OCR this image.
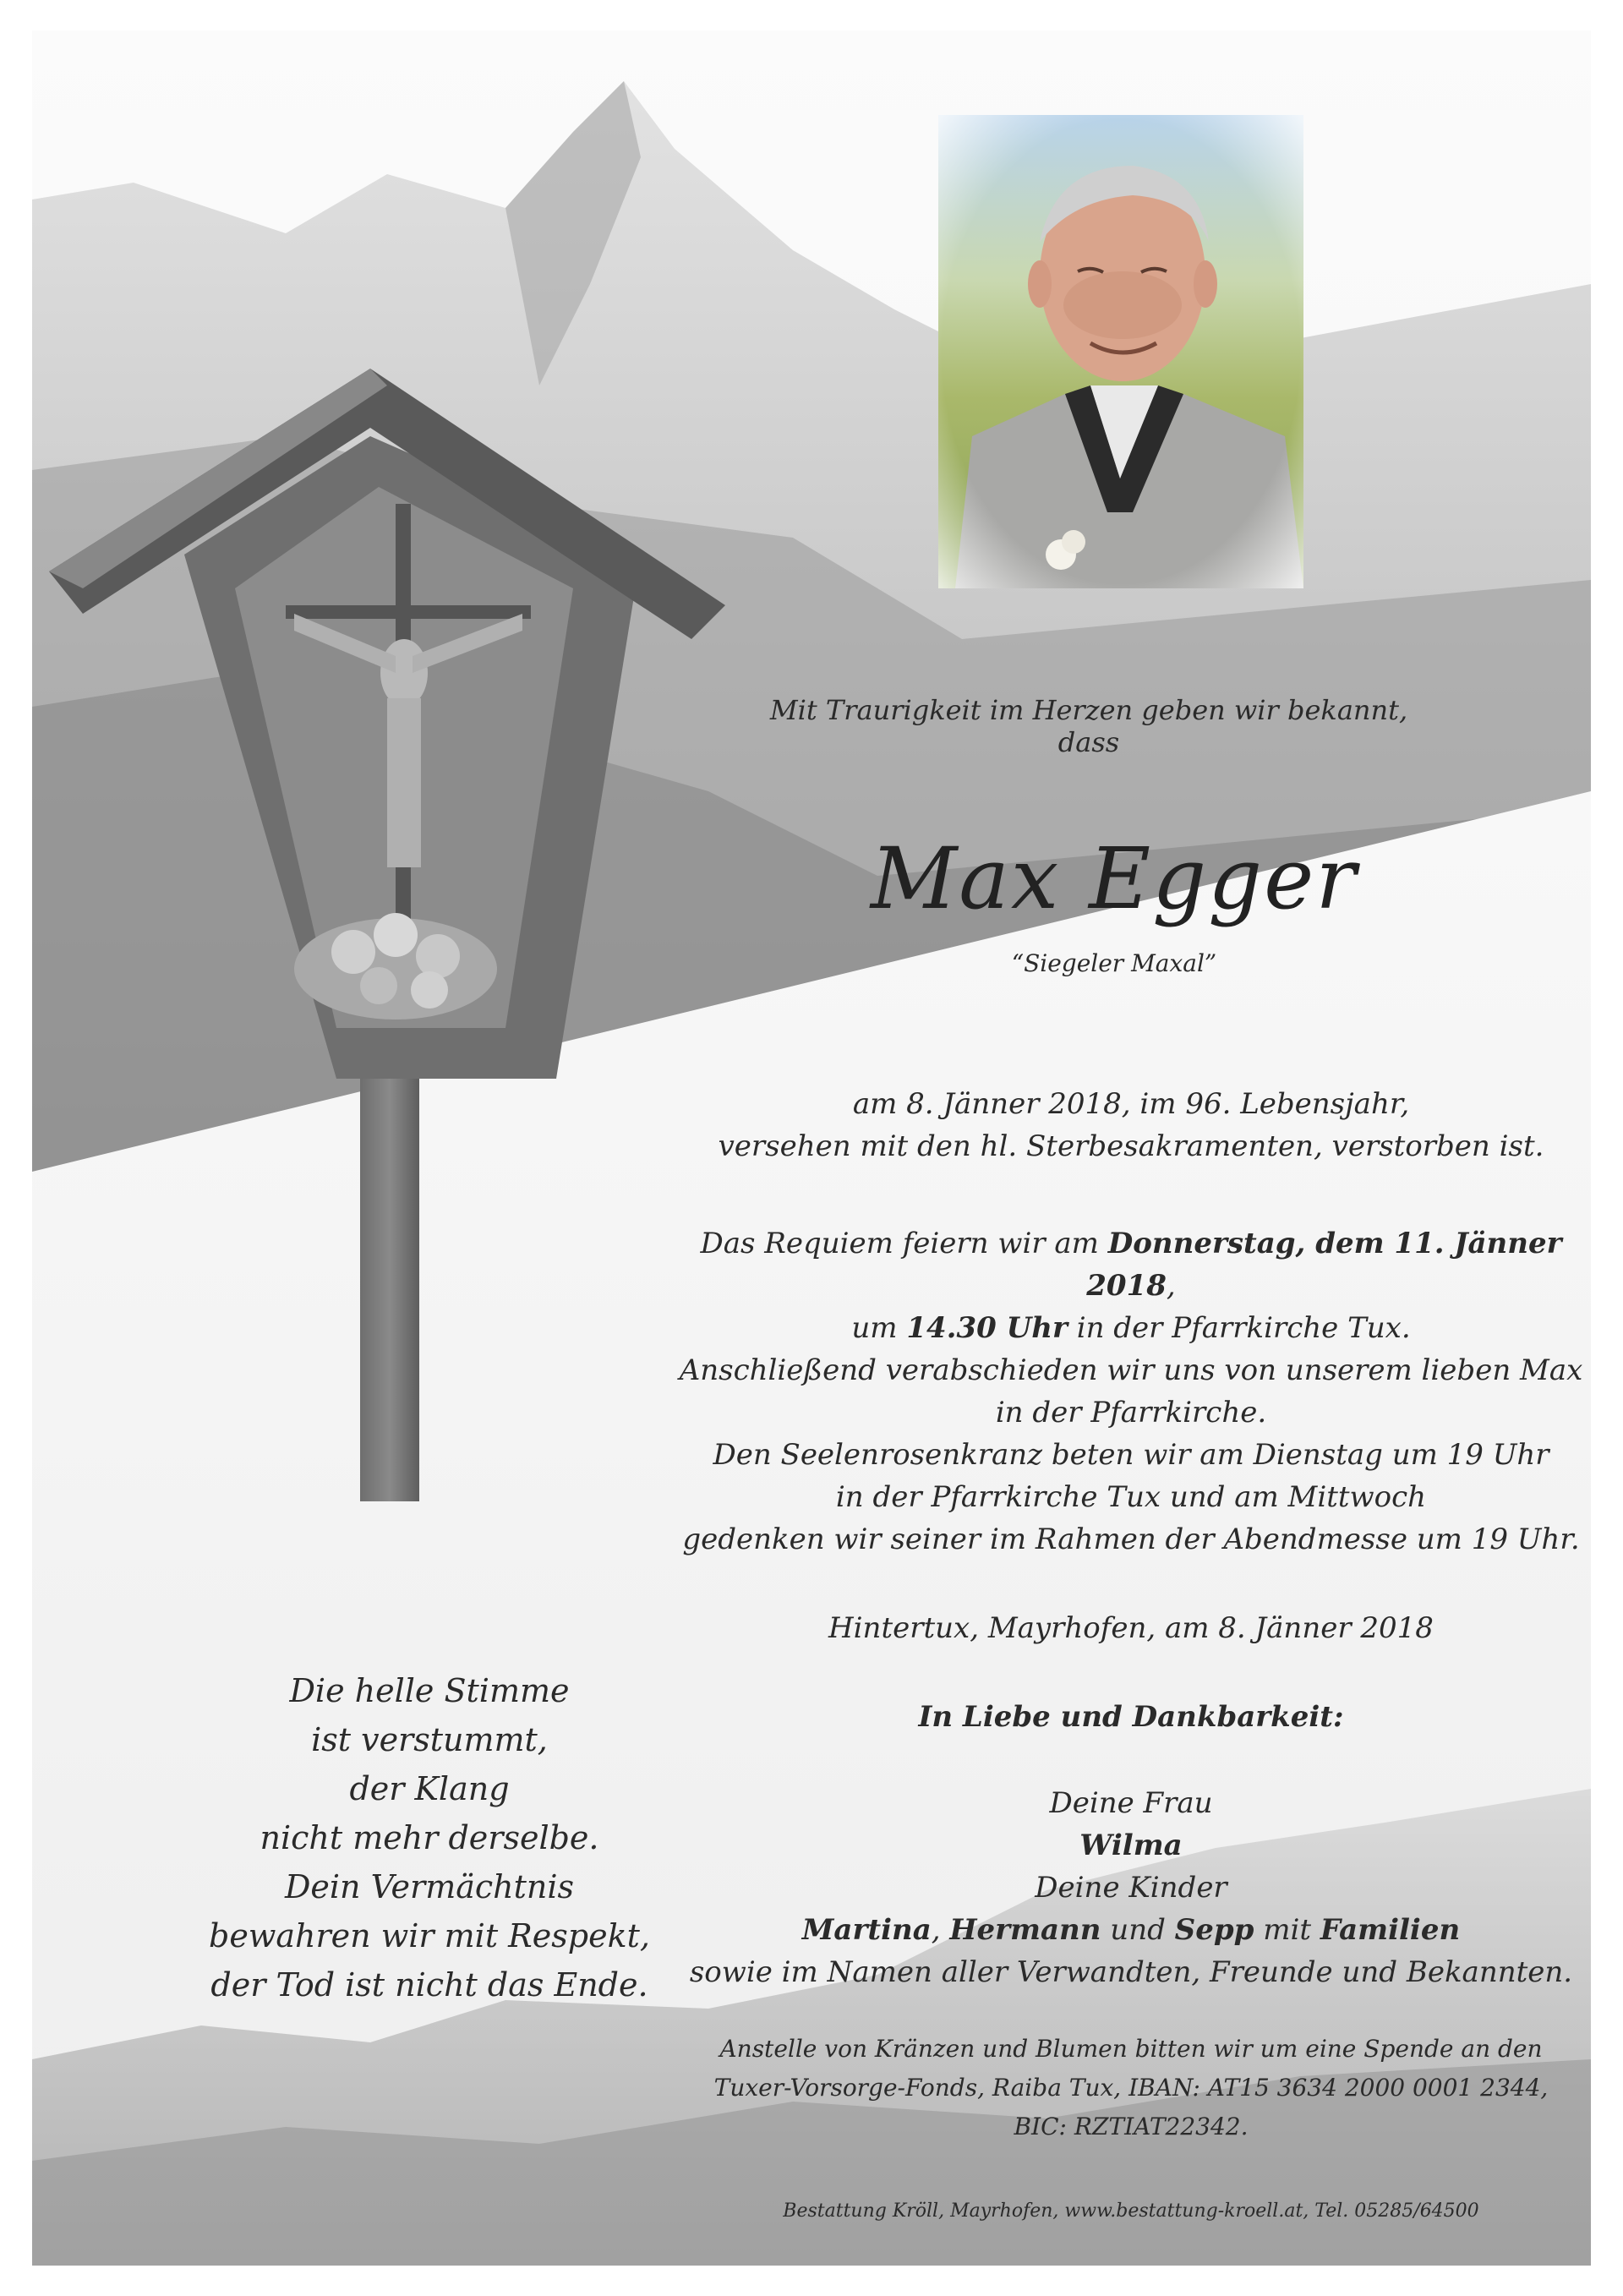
Mit Traurigkeit im Herzen geben wir bekannt, dass
Max Egger
“Siegeler Maxal”

am 8. Jänner 2018, im 96. Lebensjahr,

versehen mit den hl. Sterbesakramenten, verstorben ist.

Das Requiem feiern wir am Donnerstag, dem 11. Jänner 2018,

um 14.30 Uhr in der Pfarrkirche Tux.

Anschließend verabschieden wir uns von unserem lieben Max

in der Pfarrkirche.

Den Seelenrosenkranz beten wir am Dienstag um 19 Uhr

in der Pfarrkirche Tux und am Mittwoch

gedenken wir seiner im Rahmen der Abendmesse um 19 Uhr.

Hintertux, Mayrhofen, am 8. Jänner 2018
In Liebe und Dankbarkeit:

Deine Frau

Wilma

Deine Kinder

Martina, Hermann und Sepp mit Familien

sowie im Namen aller Verwandten, Freunde und Bekannten.

Anstelle von Kränzen und Blumen bitten wir um eine Spende an den

Tuxer-Vorsorge-Fonds, Raiba Tux, IBAN: AT15 3634 2000 0001 2344,

BIC: RZTIAT22342.

Bestattung Kröll, Mayrhofen, www.bestattung-kroell.at, Tel. 05285/64500

Die helle Stimme

ist verstummt,

der Klang

nicht mehr derselbe.

Dein Vermächtnis

bewahren wir mit Respekt,

der Tod ist nicht das Ende.
